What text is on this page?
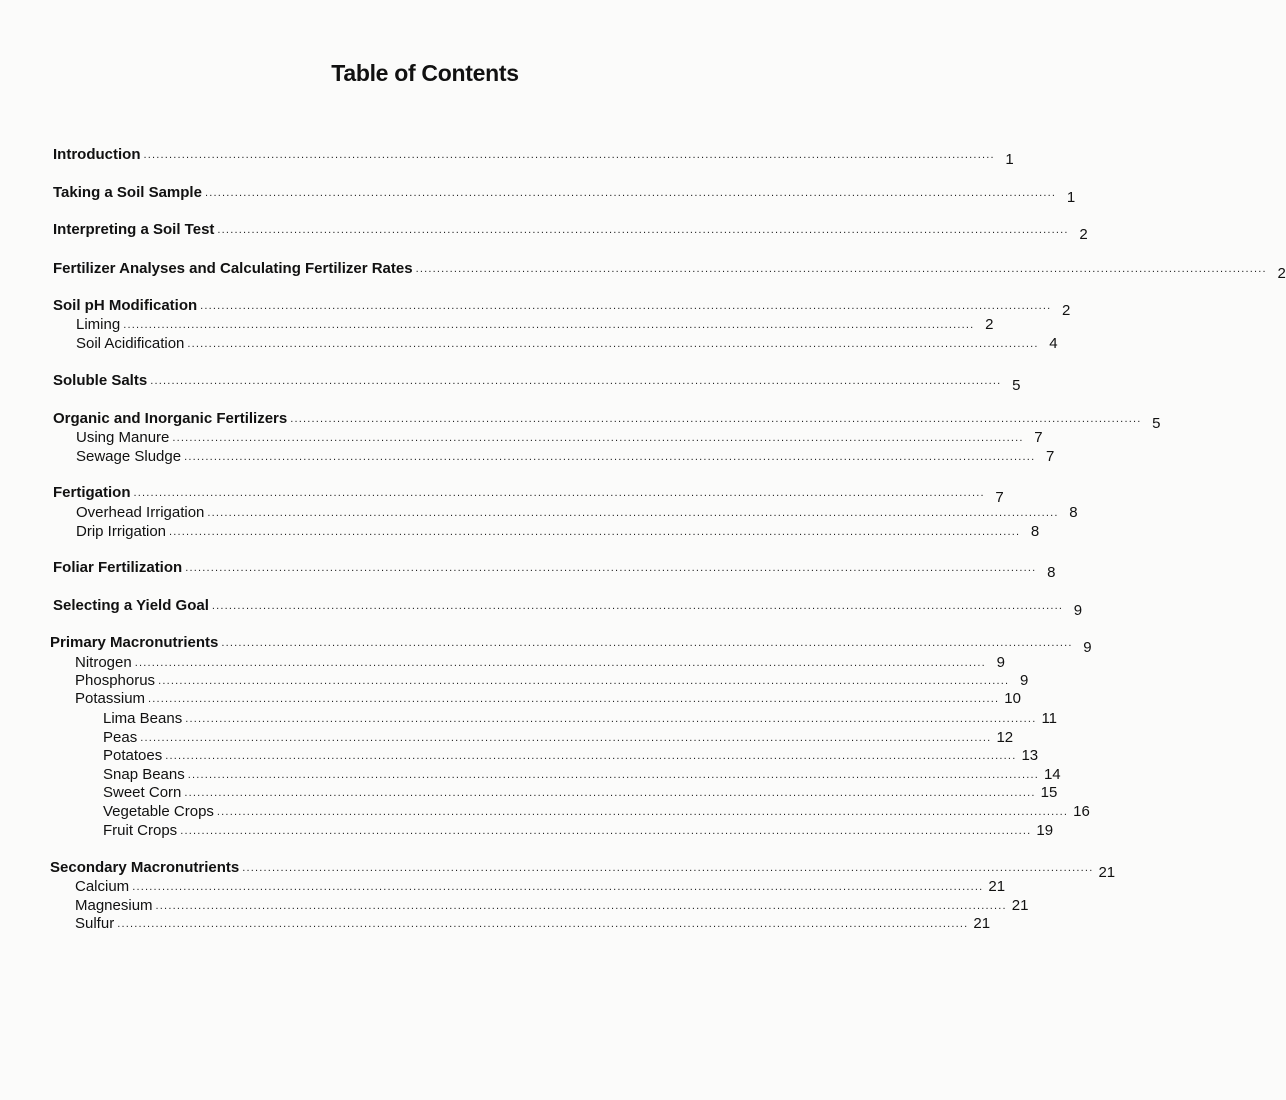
Table of Contents
Introduction ........................................................................................................................................................................................................ 1
Taking a Soil Sample ........................................................................................................................................................................................................ 1
Interpreting a Soil Test ........................................................................................................................................................................................................ 2
Fertilizer Analyses and Calculating Fertilizer Rates ........................................................................................................................................................................................................ 2
Soil pH Modification ........................................................................................................................................................................................................ 2
Liming ........................................................................................................................................................................................................ 2
Soil Acidification ........................................................................................................................................................................................................ 4
Soluble Salts ........................................................................................................................................................................................................ 5
Organic and Inorganic Fertilizers ........................................................................................................................................................................................................ 5
Using Manure ........................................................................................................................................................................................................ 7
Sewage Sludge ........................................................................................................................................................................................................ 7
Fertigation ........................................................................................................................................................................................................ 7
Overhead Irrigation ........................................................................................................................................................................................................ 8
Drip Irrigation ........................................................................................................................................................................................................ 8
Foliar Fertilization ........................................................................................................................................................................................................ 8
Selecting a Yield Goal ........................................................................................................................................................................................................ 9
Primary Macronutrients ........................................................................................................................................................................................................ 9
Nitrogen ........................................................................................................................................................................................................ 9
Phosphorus ........................................................................................................................................................................................................ 9
Potassium ........................................................................................................................................................................................................ 10
Lima Beans ........................................................................................................................................................................................................ 11
Peas ........................................................................................................................................................................................................ 12
Potatoes ........................................................................................................................................................................................................ 13
Snap Beans ........................................................................................................................................................................................................ 14
Sweet Corn ........................................................................................................................................................................................................ 15
Vegetable Crops ........................................................................................................................................................................................................ 16
Fruit Crops ........................................................................................................................................................................................................ 19
Secondary Macronutrients ........................................................................................................................................................................................................ 21
Calcium ........................................................................................................................................................................................................ 21
Magnesium ........................................................................................................................................................................................................ 21
Sulfur ........................................................................................................................................................................................................ 21
